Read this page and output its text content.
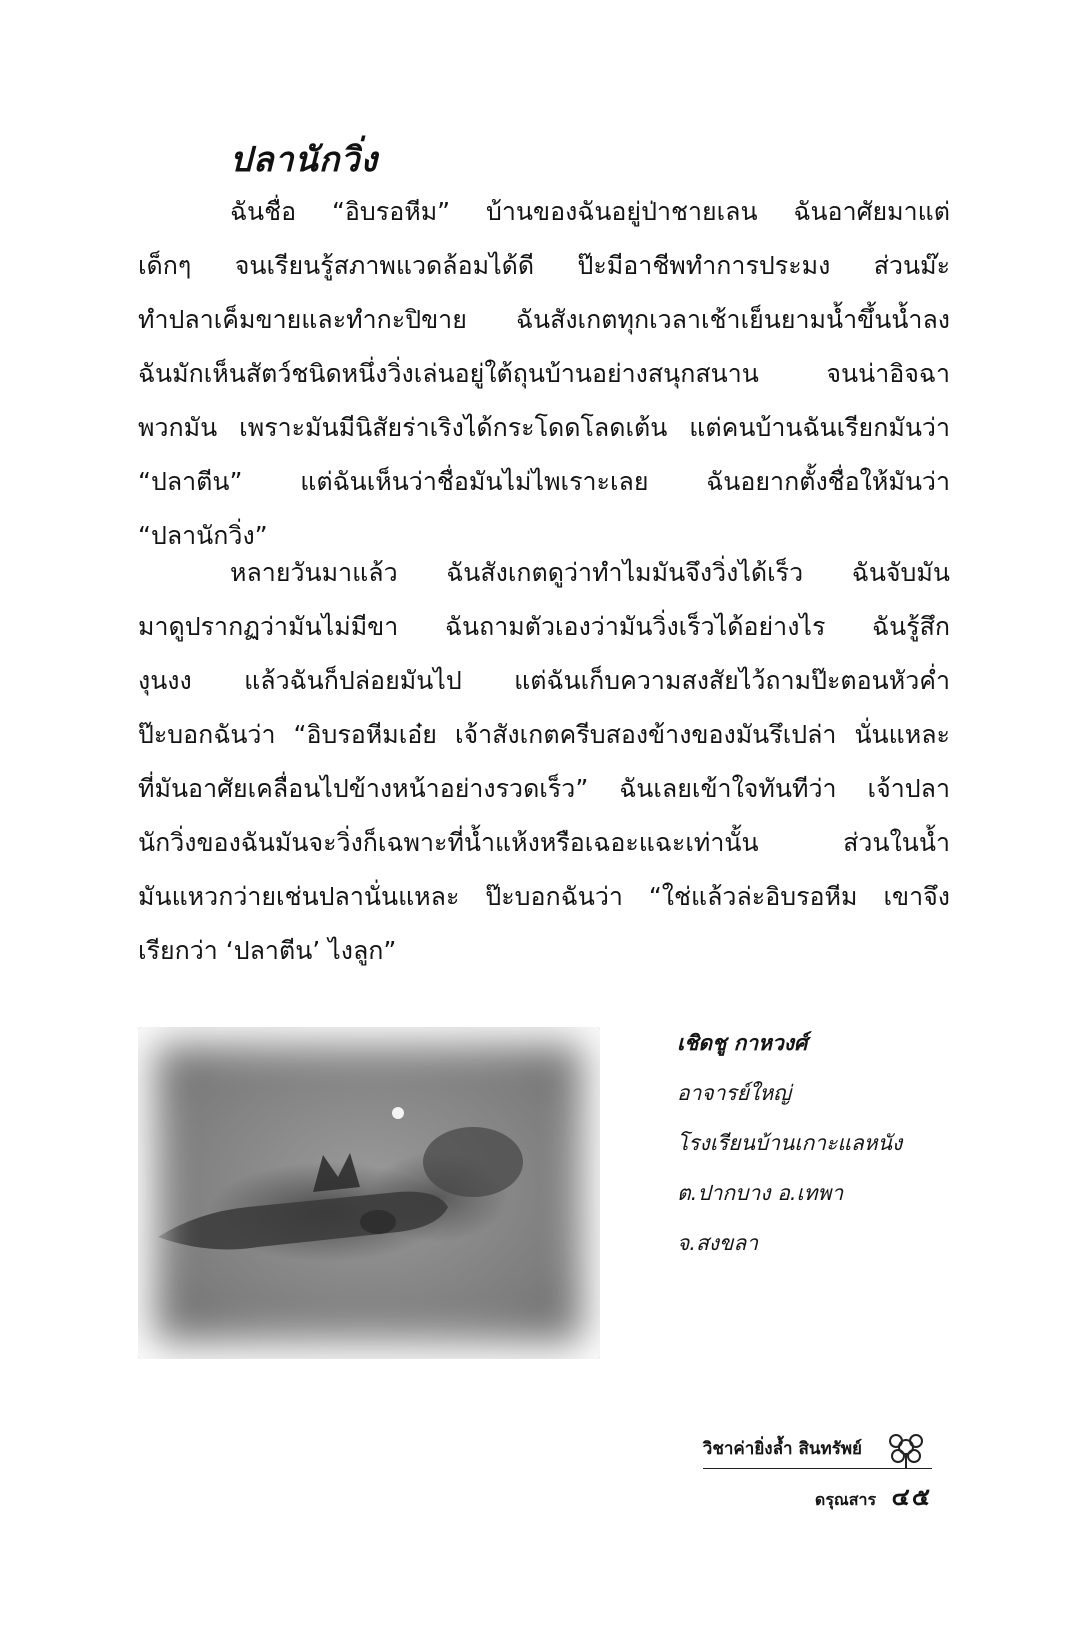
ปลานักวิ่ง
ฉันชื่อ “อิบรอหีม” บ้านของฉันอยู่ป่าชายเลน ฉันอาศัยมาแต่
เด็กๆ จนเรียนรู้สภาพแวดล้อมได้ดี ป๊ะมีอาชีพทำการประมง ส่วนม๊ะ
ทำปลาเค็มขายและทำกะปิขาย ฉันสังเกตทุกเวลาเช้าเย็นยามน้ำขึ้นน้ำลง
ฉันมักเห็นสัตว์ชนิดหนึ่งวิ่งเล่นอยู่ใต้ถุนบ้านอย่างสนุกสนาน จนน่าอิจฉา
พวกมัน เพราะมันมีนิสัยร่าเริงได้กระโดดโลดเต้น แต่คนบ้านฉันเรียกมันว่า
“ปลาตีน” แต่ฉันเห็นว่าชื่อมันไม่ไพเราะเลย ฉันอยากตั้งชื่อให้มันว่า
“ปลานักวิ่ง”
หลายวันมาแล้ว ฉันสังเกตดูว่าทำไมมันจึงวิ่งได้เร็ว ฉันจับมัน
มาดูปรากฏว่ามันไม่มีขา ฉันถามตัวเองว่ามันวิ่งเร็วได้อย่างไร ฉันรู้สึก
งุนงง แล้วฉันก็ปล่อยมันไป แต่ฉันเก็บความสงสัยไว้ถามป๊ะตอนหัวค่ำ
ป๊ะบอกฉันว่า “อิบรอหีมเอ๋ย เจ้าสังเกตครีบสองข้างของมันรึเปล่า นั่นแหละ
ที่มันอาศัยเคลื่อนไปข้างหน้าอย่างรวดเร็ว” ฉันเลยเข้าใจทันทีว่า เจ้าปลา
นักวิ่งของฉันมันจะวิ่งก็เฉพาะที่น้ำแห้งหรือเฉอะแฉะเท่านั้น ส่วนในน้ำ
มันแหวกว่ายเช่นปลานั่นแหละ ป๊ะบอกฉันว่า “ใช่แล้วล่ะอิบรอหีม เขาจึง
เรียกว่า ‘ปลาตีน’ ไงลูก”
เชิดชู กาหวงศ์
อาจารย์ใหญ่
โรงเรียนบ้านเกาะแลหนัง
ต.ปากบาง อ.เทพา
จ.สงขลา
วิชาค่ายิ่งล้ำ สินทรัพย์
ดรุณสาร ๔๕
